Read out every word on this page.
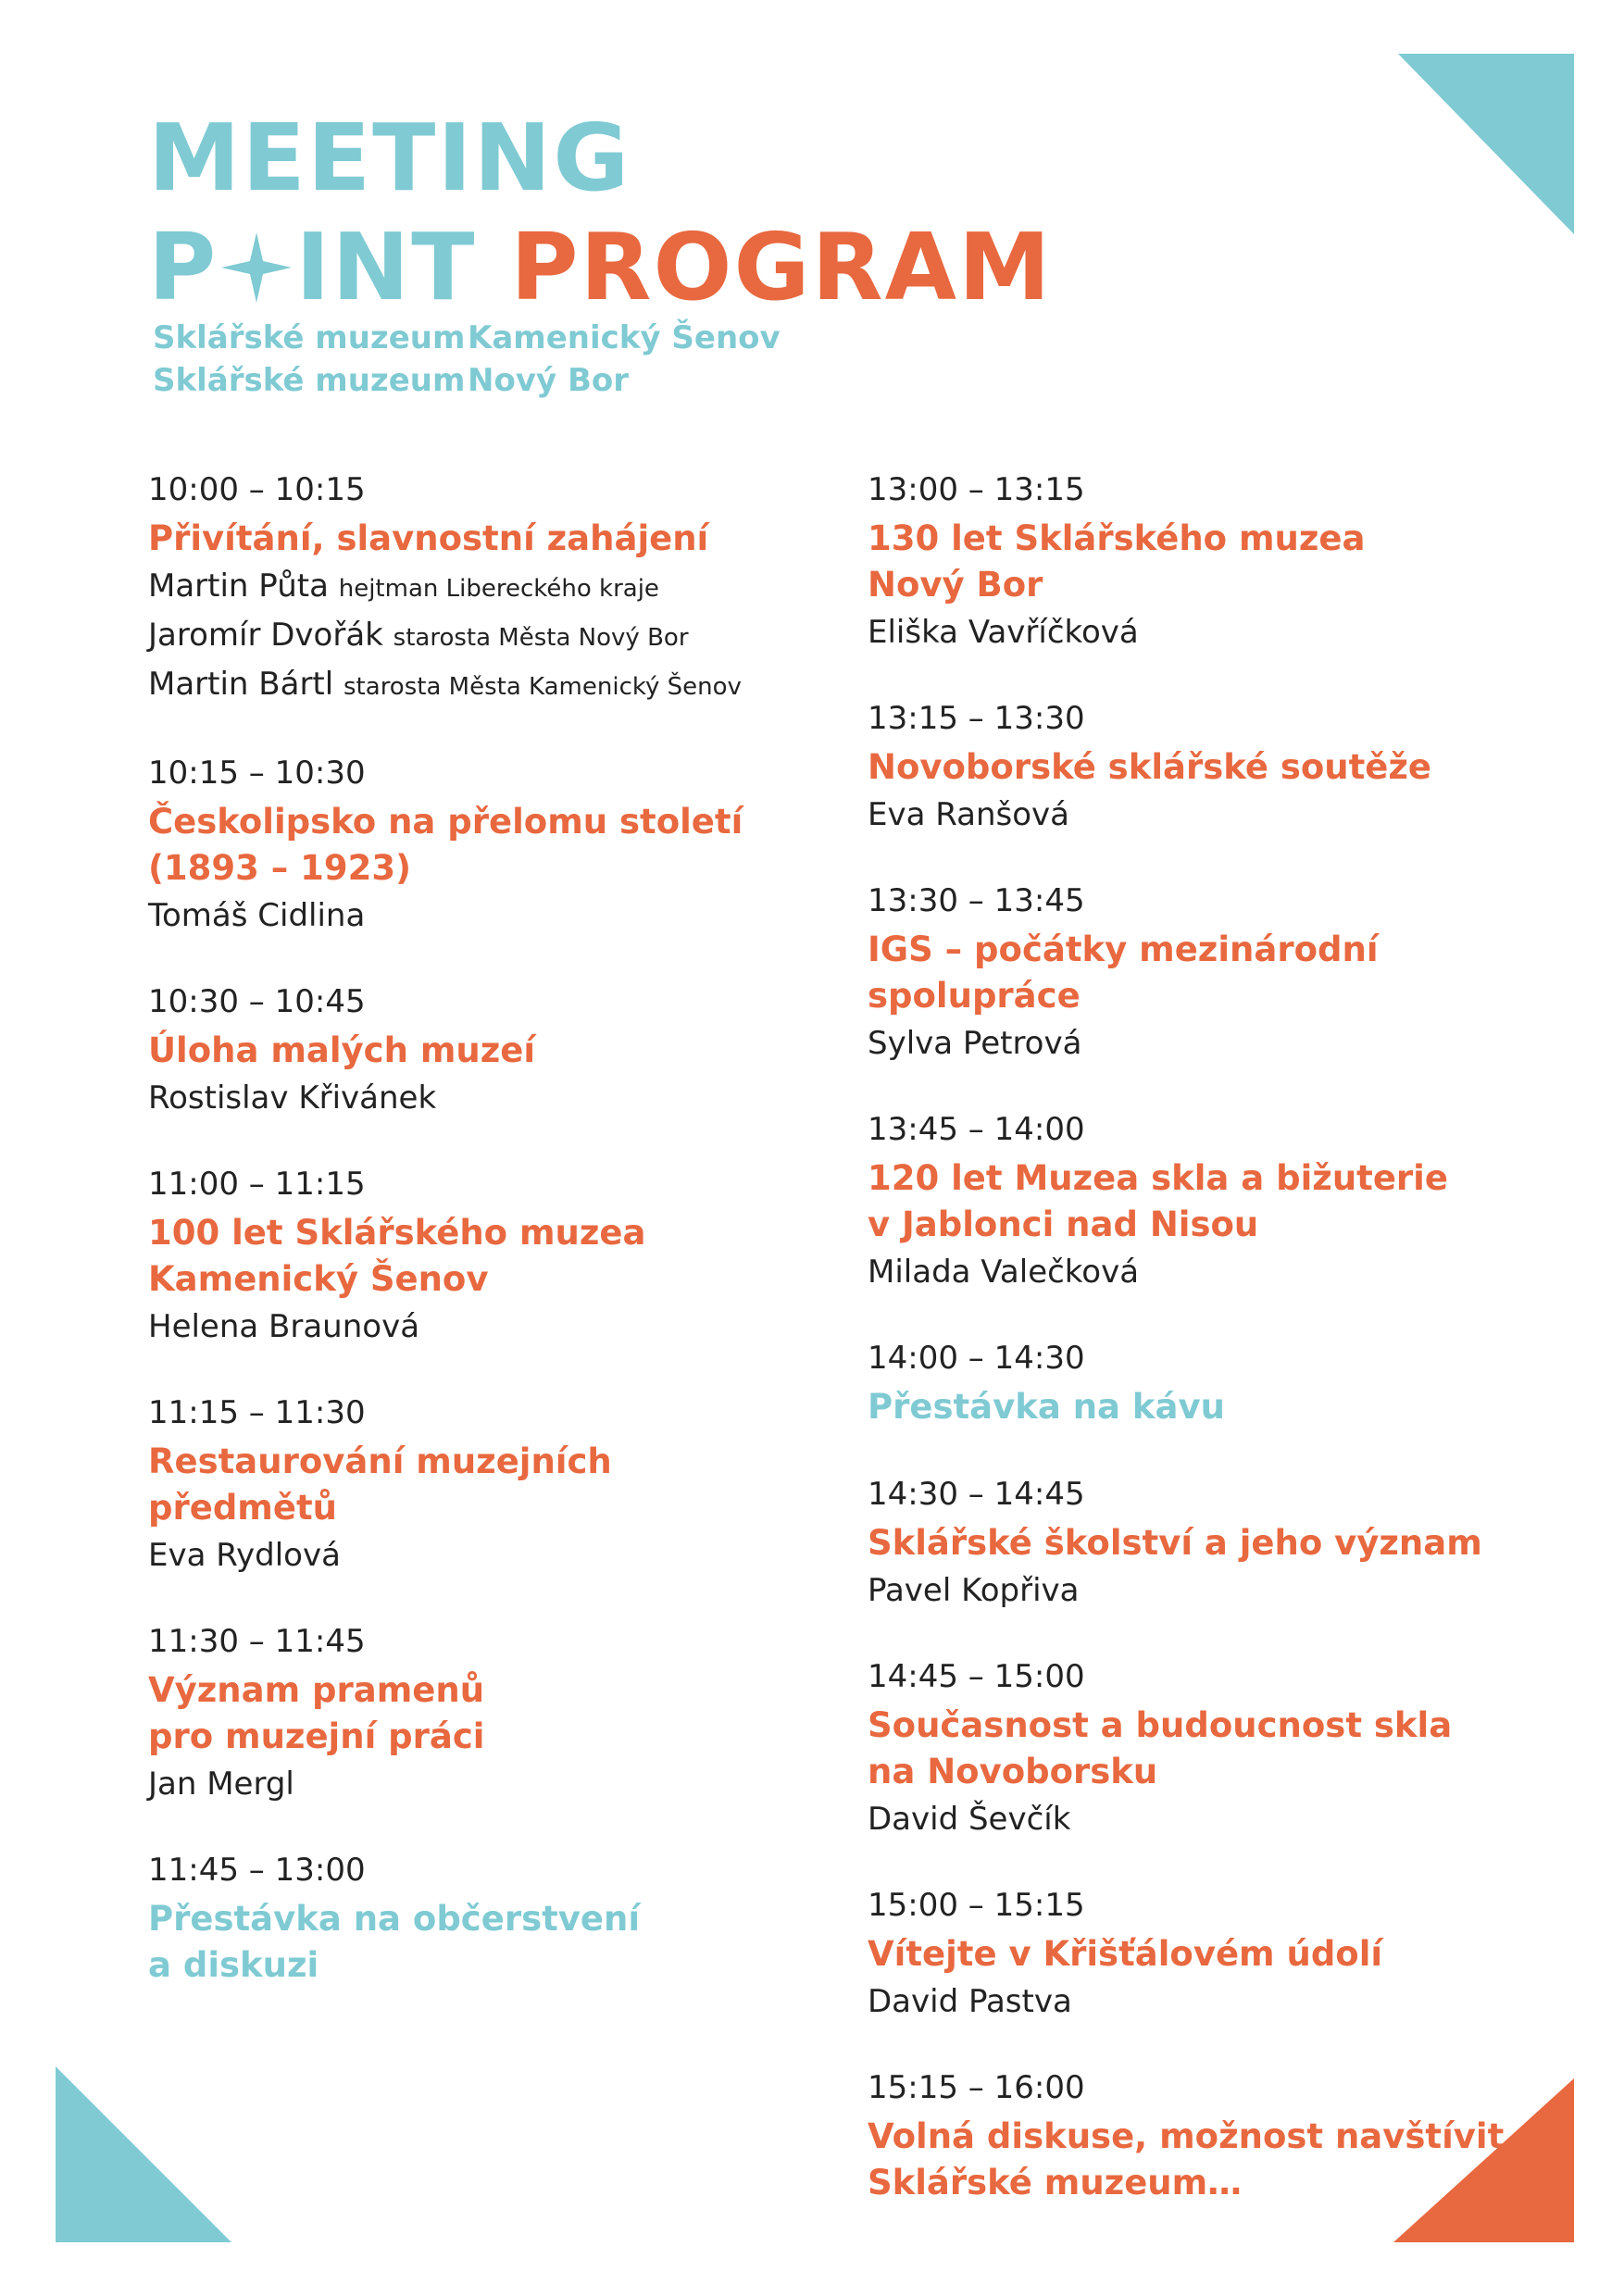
MEETING
P INT PROGRAM
Sklářské muzeumKamenický Šenov
Sklářské muzeumNový Bor
10:00 – 10:15
Přivítání, slavnostní zahájení
Martin Půta hejtman Libereckého kraje
Jaromír Dvořák starosta Města Nový Bor
Martin Bártl starosta Města Kamenický Šenov
10:15 – 10:30
Českolipsko na přelomu století
(1893 – 1923)
Tomáš Cidlina
10:30 – 10:45
Úloha malých muzeí
Rostislav Křivánek
11:00 – 11:15
100 let Sklářského muzea
Kamenický Šenov
Helena Braunová
11:15 – 11:30
Restaurování muzejních
předmětů
Eva Rydlová
11:30 – 11:45
Význam pramenů
pro muzejní práci
Jan Mergl
11:45 – 13:00
Přestávka na občerstvení
a diskuzi
13:00 – 13:15
130 let Sklářského muzea
Nový Bor
Eliška Vavříčková
13:15 – 13:30
Novoborské sklářské soutěže
Eva Ranšová
13:30 – 13:45
IGS – počátky mezinárodní
spolupráce
Sylva Petrová
13:45 – 14:00
120 let Muzea skla a bižuterie
v Jablonci nad Nisou
Milada Valečková
14:00 – 14:30
Přestávka na kávu
14:30 – 14:45
Sklářské školství a jeho význam
Pavel Kopřiva
14:45 – 15:00
Současnost a budoucnost skla
na Novoborsku
David Ševčík
15:00 – 15:15
Vítejte v Křišťálovém údolí
David Pastva
15:15 – 16:00
Volná diskuse, možnost navštívit
Sklářské muzeum…
